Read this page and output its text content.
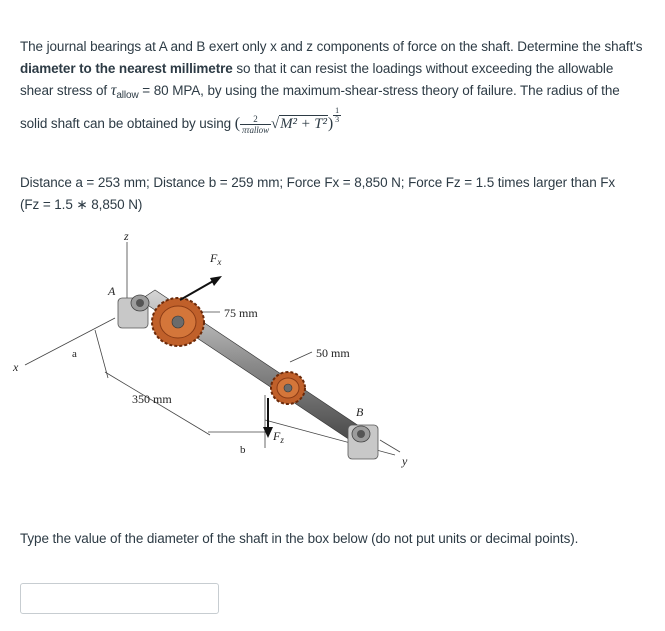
The journal bearings at A and B exert only x and z components of force on the shaft. Determine the shaft's diameter to the nearest millimetre so that it can resist the loadings without exceeding the allowable shear stress of $\tau_{allow} = 80$ MPA, by using the maximum-shear-stress theory of failure. The radius of the solid shaft can be obtained by using ( $\frac{2}{\text{πτallow}} √M^2 + T^2) \frac{1}{3}$
Distance a = 253 mm; Distance b = 259 mm; Force Fx = 8,850 N; Force Fz = 1.5 times larger than Fx
(Fz = 1.5 ∗ 8,850 N)
z
x
y
A
B
$F_x$
$F_z$
75 mm
50 mm
350 mm
a
b
Type the value of the diameter of the shaft in the box below (do not put units or decimal points).
